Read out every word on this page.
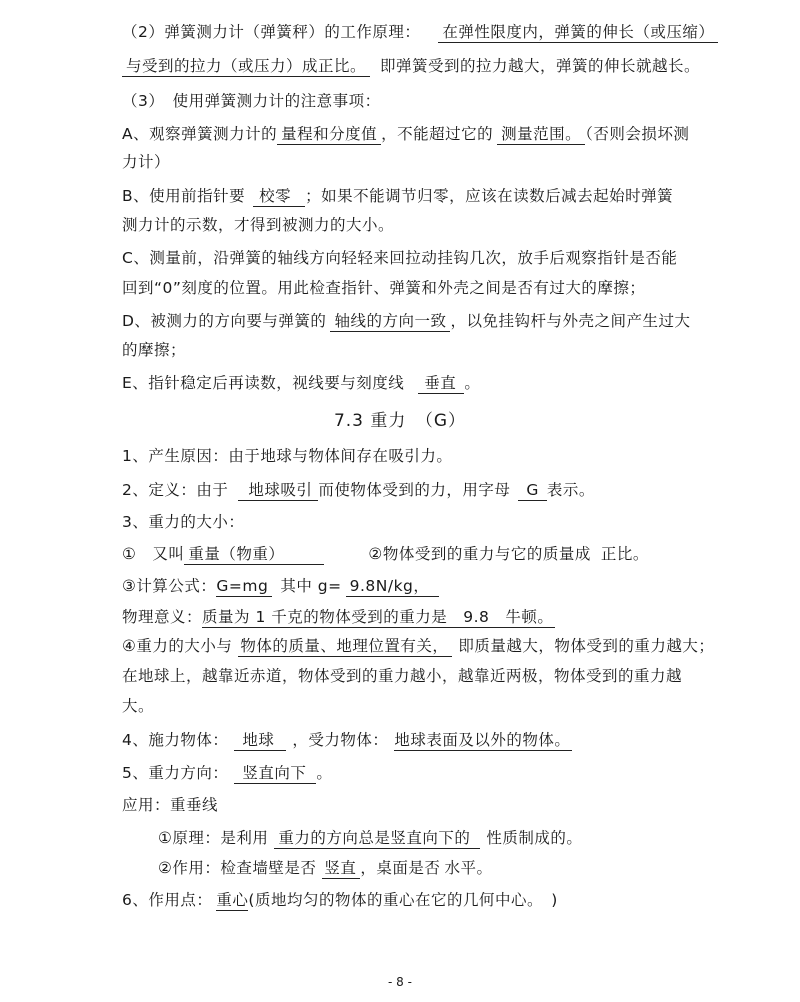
（2）弹簧测力计（弹簧秤）的工作原理： 在弹性限度内，弹簧的伸长（或压缩）
与受到的拉力（或压力）成正比。 即弹簧受到的拉力越大，弹簧的伸长就越长。
（3）　使用弹簧测力计的注意事项：
A、观察弹簧测力计的 量程和分度值 ，不能超过它的 测量范围。 （否则会损坏测
力计）
B、使用前指针要 校零 ；如果不能调节归零，应该在读数后减去起始时弹簧
测力计的示数，才得到被测力的大小。
C、测量前，沿弹簧的轴线方向轻轻来回拉动挂钩几次，放手后观察指针是否能
回到“0”刻度的位置。用此检查指针、弹簧和外壳之间是否有过大的摩擦；
D、被测力的方向要与弹簧的 轴线的方向一致 ，以免挂钩杆与外壳之间产生过大
的摩擦；
E、指针稳定后再读数，视线要与刻度线 垂直 。
7.3 重力　（G）
1、产生原因：由于地球与物体间存在吸引力。
2、定义：由于 地球吸引 而使物体受到的力，用字母 G 表示。
3、重力的大小：
①　又叫 重量（物重）	②物体受到的重力与它的质量成 正比。
③计算公式：G=mg 其中 g= 9.8N/kg，
物理意义：质量为 1 千克的物体受到的重力是　9.8　牛顿。
④重力的大小与 物体的质量、地理位置有关， 即质量越大，物体受到的重力越大；
在地球上，越靠近赤道，物体受到的重力越小，越靠近两极，物体受到的重力越
大。
4、施力物体： 地球 ，受力物体： 地球表面及以外的物体。
5、重力方向： 竖直向下 。
应用：重垂线
①原理：是利用 重力的方向总是竖直向下的 性质制成的。
②作用：检查墙壁是否 竖直 ，桌面是否 水平。
6、作用点： 重心(质地均匀的物体的重心在它的几何中心。　)
- 8 -
